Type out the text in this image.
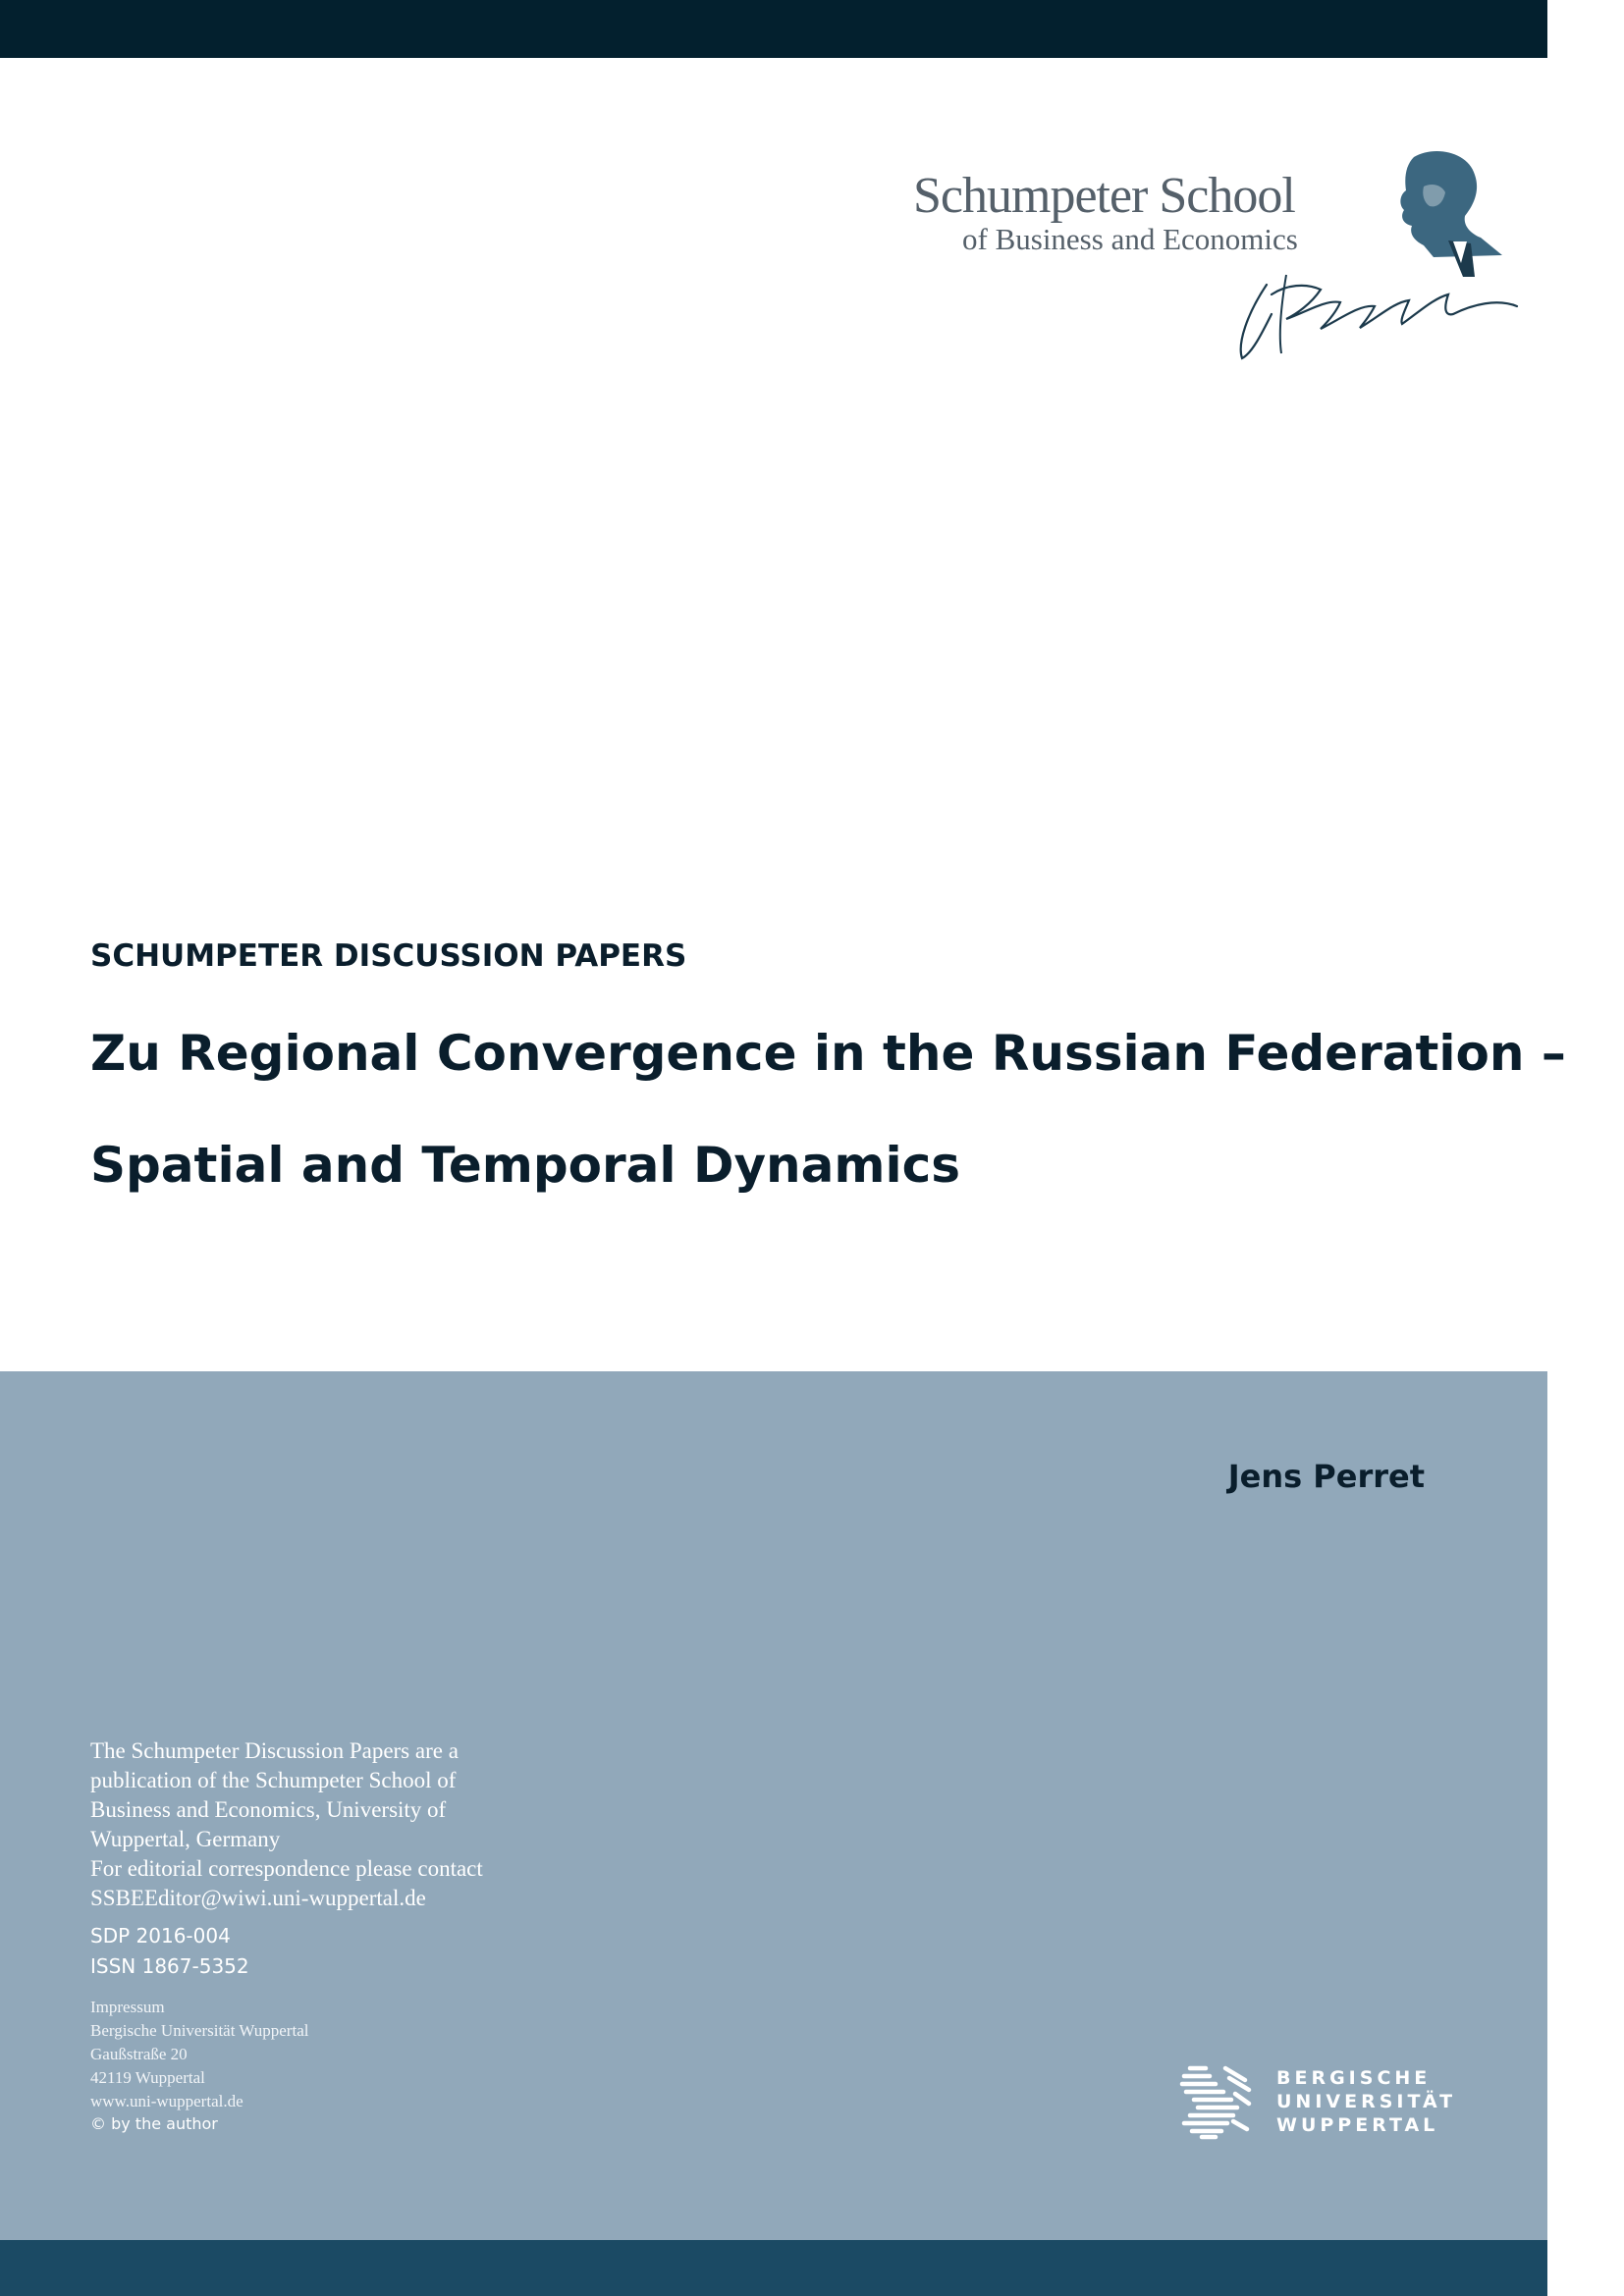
Schumpeter School
of Business and Economics

SCHUMPETER DISCUSSION PAPERS

Zu Regional Convergence in the Russian Federation –
Spatial and Temporal Dynamics

Jens Perret

The Schumpeter Discussion Papers are a
publication of the Schumpeter School of
Business and Economics, University of
Wuppertal, Germany
For editorial correspondence please contact
SSBEEditor@wiwi.uni-wuppertal.de
SDP 2016-004
ISSN 1867-5352
Impressum
Bergische Universität Wuppertal
Gaußstraße 20
42119 Wuppertal
www.uni-wuppertal.de
© by the author
BERGISCHE
UNIVERSITÄT
WUPPERTAL
